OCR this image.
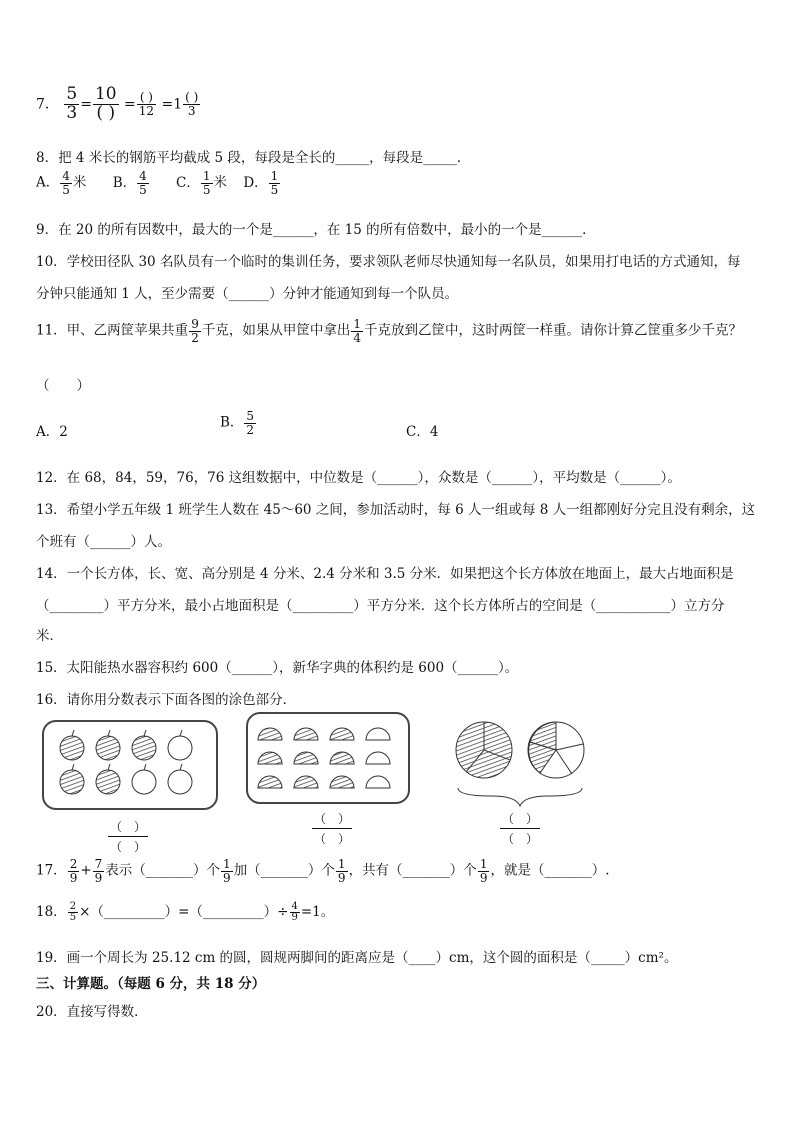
7． $\frac{5}{3} = \frac{10}{( )} = \frac{( )}{12} =1 \frac{( )}{3}$
8．把 4 米长的钢筋平均截成 5 段，每段是全长的_____，每段是_____．
A． $\frac{4}{5}$ 米 B． $\frac{4}{5}$ C． $\frac{1}{5}$ 米 D． $\frac{1}{5}$
9．在 20 的所有因数中，最大的一个是______，在 15 的所有倍数中，最小的一个是______．
10．学校田径队 30 名队员有一个临时的集训任务，要求领队老师尽快通知每一名队员，如果用打电话的方式通知，每
分钟只能通知 1 人，至少需要（______）分钟才能通知到每一个队员。
11．甲、乙两筐苹果共重 $\frac{9}{2}$ 千克，如果从甲筐中拿出 $\frac{1}{4}$ 千克放到乙筐中，这时两筐一样重。请你计算乙筐重多少千克？
（　　）
A．2
B． $\frac{5}{2}$	C．4
12．在 68，84，59，76，76 这组数据中，中位数是（______），众数是（______），平均数是（______）。
13．希望小学五年级 1 班学生人数在 45～60 之间，参加活动时，每 6 人一组或每 8 人一组都刚好分完且没有剩余，这
个班有（______）人。
14．一个长方体，长、宽、高分别是 4 分米、2.4 分米和 3.5 分米．如果把这个长方体放在地面上，最大占地面积是
（________）平方分米，最小占地面积是（_________）平方分米．这个长方体所占的空间是（___________）立方分
米．
15．太阳能热水器容积约 600（______），新华字典的体积约是 600（______）。
16．请你用分数表示下面各图的涂色部分．
（　）
（　）
（　）
（　）
（　）
（　）
17． $\frac{2}{9} + \frac{7}{9}$ 表示（_______）个 $\frac{1}{9}$ 加（_______）个 $\frac{1}{9}$ ，共有（_______）个 $\frac{1}{9}$ ，就是（_______）.
18． $\frac{2}{5}$ ×（_________）=（_________）÷ $\frac{4}{9} =1$。
19．画一个周长为 25.12 cm 的圆，圆规两脚间的距离应是（____）cm，这个圆的面积是（_____）cm²。
三、计算题。（每题 6 分，共 18 分）
20．直接写得数．
